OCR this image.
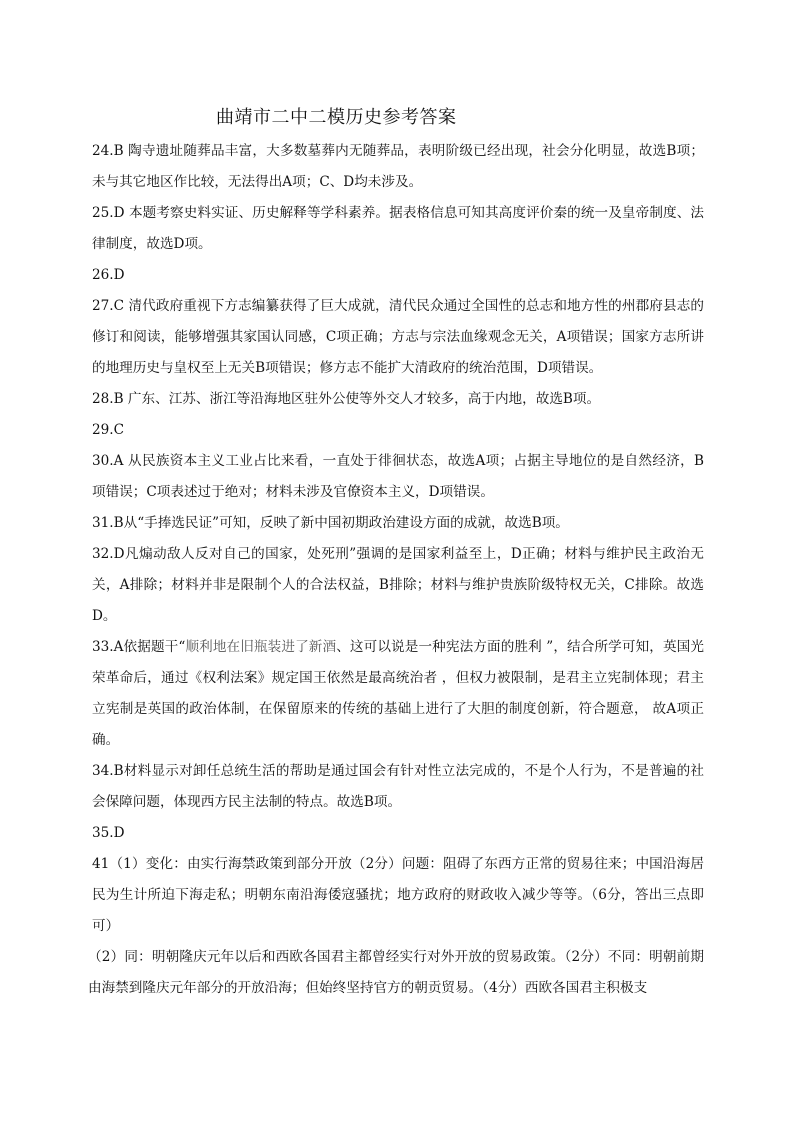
曲靖市二中二模历史参考答案
24.B 陶寺遗址随葬品丰富，大多数墓葬内无随葬品，表明阶级已经出现，社会分化明显，故选B项；未与其它地区作比较，无法得出A项；C、D均未涉及。
25.D 本题考察史料实证、历史解释等学科素养。据表格信息可知其高度评价秦的统一及皇帝制度、法律制度，故选D项。
26.D
27.C 清代政府重视下方志编纂获得了巨大成就，清代民众通过全国性的总志和地方性的州郡府县志的修订和阅读，能够增强其家国认同感，C项正确；方志与宗法血缘观念无关，A项错误；国家方志所讲的地理历史与皇权至上无关B项错误；修方志不能扩大清政府的统治范围，D项错误。
28.B 广东、江苏、浙江等沿海地区驻外公使等外交人才较多，高于内地，故选B项。
29.C
30.A 从民族资本主义工业占比来看，一直处于徘徊状态，故选A项；占据主导地位的是自然经济，B项错误；C项表述过于绝对；材料未涉及官僚资本主义，D项错误。
31.B从“手捧选民证”可知，反映了新中国初期政治建设方面的成就，故选B项。
32.D凡煽动敌人反对自己的国家，处死刑”强调的是国家利益至上，D正确；材料与维护民主政治无关，A排除；材料并非是限制个人的合法权益，B排除；材料与维护贵族阶级特权无关，C排除。故选D。
33.A依据题干“顺利地在旧瓶装进了新酒、这可以说是一种宪法方面的胜利 ”，结合所学可知，英国光荣革命后，通过《权利法案》规定国王依然是最高统治者 ，但权力被限制，是君主立宪制体现；君主立宪制是英国的政治体制，在保留原来的传统的基础上进行了大胆的制度创新，符合题意， 故A项正确。
34.B材料显示对卸任总统生活的帮助是通过国会有针对性立法完成的，不是个人行为，不是普遍的社会保障问题，体现西方民主法制的特点。故选B项。
35.D
41（1）变化：由实行海禁政策到部分开放（2分）问题：阻碍了东西方正常的贸易往来；中国沿海居民为生计所迫下海走私；明朝东南沿海倭寇骚扰；地方政府的财政收入减少等等。（6分，答出三点即可）
（2）同：明朝隆庆元年以后和西欧各国君主都曾经实行对外开放的贸易政策。（2分）不同：明朝前期由海禁到隆庆元年部分的开放沿海；但始终坚持官方的朝贡贸易。（4分）西欧各国君主积极支
